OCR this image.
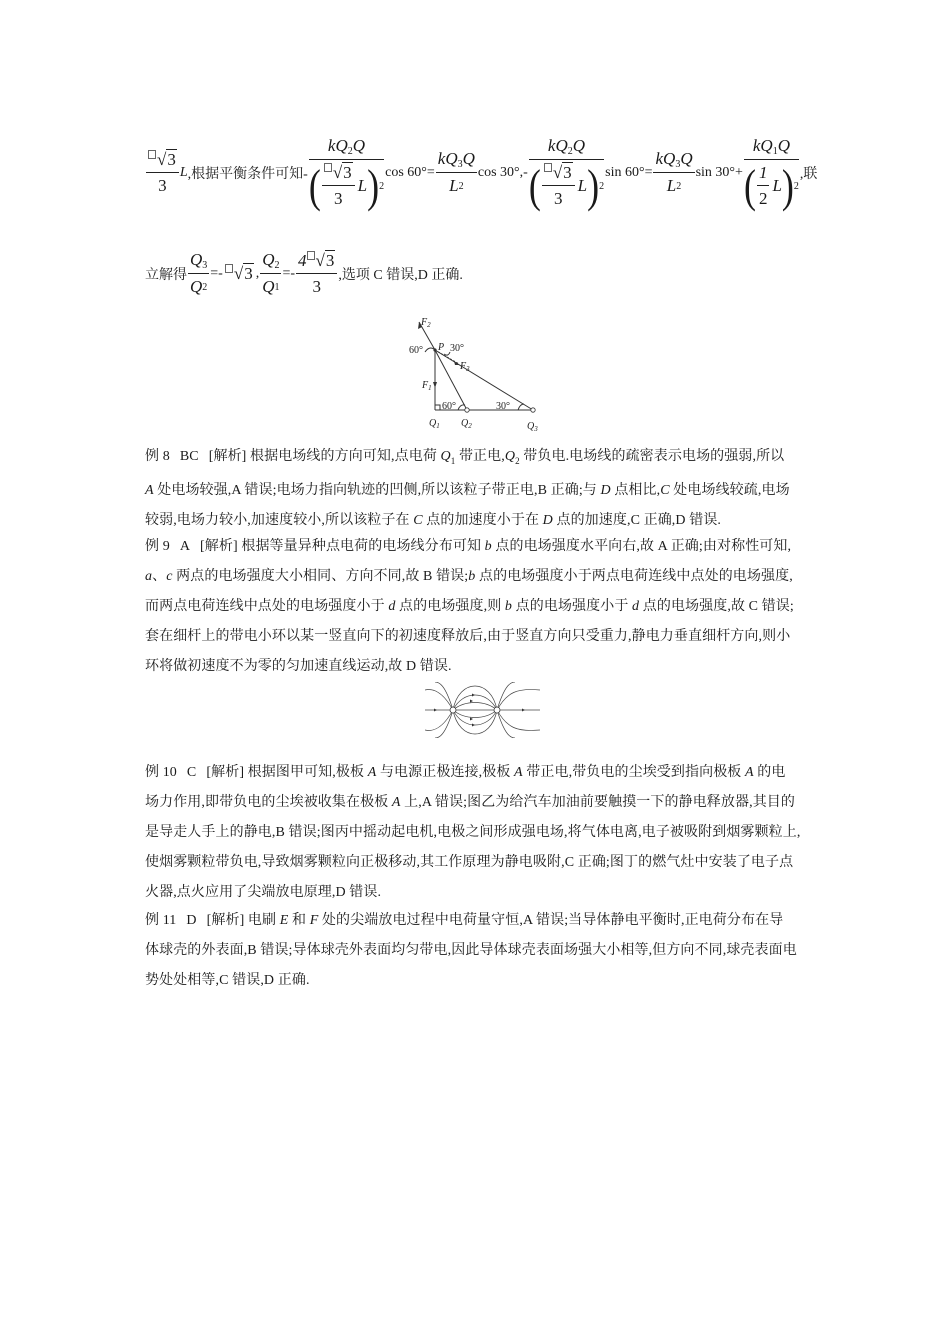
$\frac{√3}{3}$ L ,根据平衡条件可知- $\frac{kQ_2Q}{( \frac{√3}{3} L ) 2}$ $\cos 60^\circ= \frac{kQ_3Q}{L 2}$ $\cos 30^\circ,- \frac{kQ_2Q}{( \frac{√3}{3} L ) 2}$ $\sin 60^\circ= \frac{kQ_3Q}{L 2}$ $\sin 30^\circ+ \frac{kQ_1Q}{( \frac{1}{2} L ) 2}$ ,联
立解得 $\frac{Q_3}{Q 2} =- √3$ , $\frac{Q_2}{Q 1} =- \frac{4 √3}{3}$ ,选项 C 错误,D 正确.
$F_2$
P
60°	30°
$F_3$
$F_1$
60°	30°
$Q_1$ $Q_2$	$Q_3$
例 8 BC [解析] 根据电场线的方向可知,点电荷 $Q_1$ 带正电$,Q_2$ 带负电.电场线的疏密表示电场的强弱,所以
A 处电场较强,A 错误;电场力指向轨迹的凹侧,所以该粒子带正电,B 正确;与 D 点相比,C 处电场线较疏,电场
较弱,电场力较小,加速度较小,所以该粒子在 C 点的加速度小于在 D 点的加速度,C 正确,D 错误.
例 9 A [解析] 根据等量异种点电荷的电场线分布可知 b 点的电场强度水平向右,故 A 正确;由对称性可知,
a、c 两点的电场强度大小相同、方向不同,故 B 错误;b 点的电场强度小于两点电荷连线中点处的电场强度,
而两点电荷连线中点处的电场强度小于 d 点的电场强度,则 b 点的电场强度小于 d 点的电场强度,故 C 错误;
套在细杆上的带电小环以某一竖直向下的初速度释放后,由于竖直方向只受重力,静电力垂直细杆方向,则小
环将做初速度不为零的匀加速直线运动,故 D 错误.
例 10 C [解析] 根据图甲可知,极板 A 与电源正极连接,极板 A 带正电,带负电的尘埃受到指向极板 A 的电
场力作用,即带负电的尘埃被收集在极板 A 上,A 错误;图乙为给汽车加油前要触摸一下的静电释放器,其目的
是导走人手上的静电,B 错误;图丙中摇动起电机,电极之间形成强电场,将气体电离,电子被吸附到烟雾颗粒上,
使烟雾颗粒带负电,导致烟雾颗粒向正极移动,其工作原理为静电吸附,C 正确;图丁的燃气灶中安装了电子点
火器,点火应用了尖端放电原理,D 错误.
例 11 D [解析] 电刷 E 和 F 处的尖端放电过程中电荷量守恒,A 错误;当导体静电平衡时,正电荷分布在导
体球壳的外表面,B 错误;导体球壳外表面均匀带电,因此导体球壳表面场强大小相等,但方向不同,球壳表面电
势处处相等,C 错误,D 正确.
